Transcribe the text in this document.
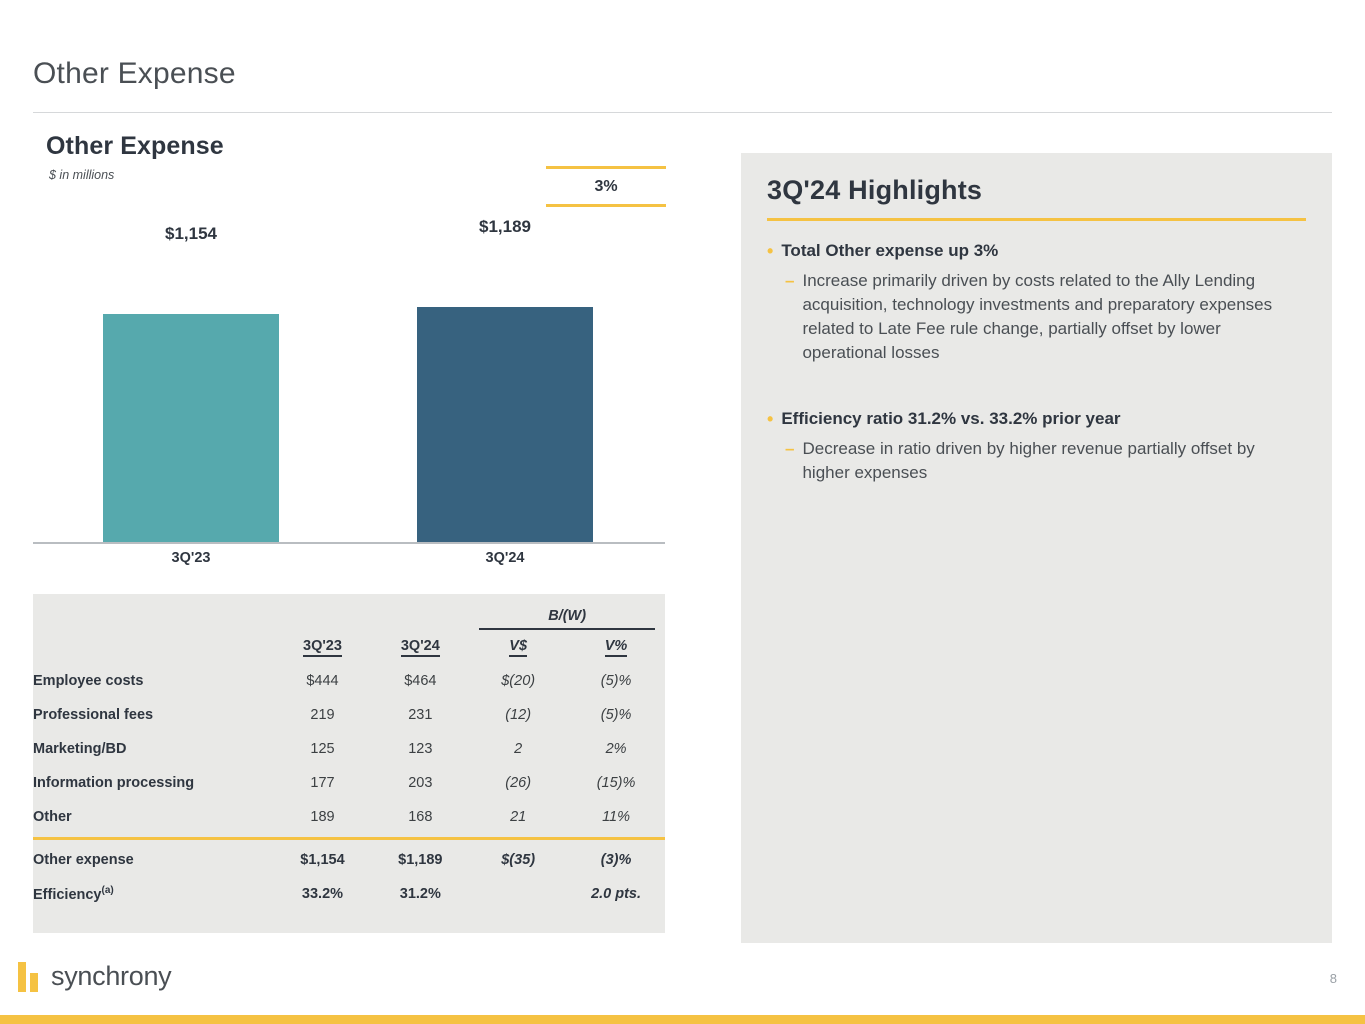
Other Expense
Other Expense
$ in millions
3%
$1,154	$1,189
3Q'23	3Q'24

			B/(W)	

	3Q'23	3Q'24	V$	V%
Employee costs	$444	$464	$(20)	(5)%
Professional fees	219	231	(12)	(5)%
Marketing/BD	125	123	2	2%
Information processing	177	203	(26)	(15)%
Other	189	168	21	11%

Other expense	$1,154	$1,189	$(35)	(3)%
Efficiency$^{(a)}$	33.2%	31.2%		2.0 pts.
3Q'24 Highlights
• Total Other expense up 3%
– Increase primarily driven by costs related to the Ally Lending acquisition, technology investments and preparatory expenses related to Late Fee rule change, partially offset by lower operational losses
• Efficiency ratio 31.2% vs. 33.2% prior year
– Decrease in ratio driven by higher revenue partially offset by higher expenses
synchrony	8
